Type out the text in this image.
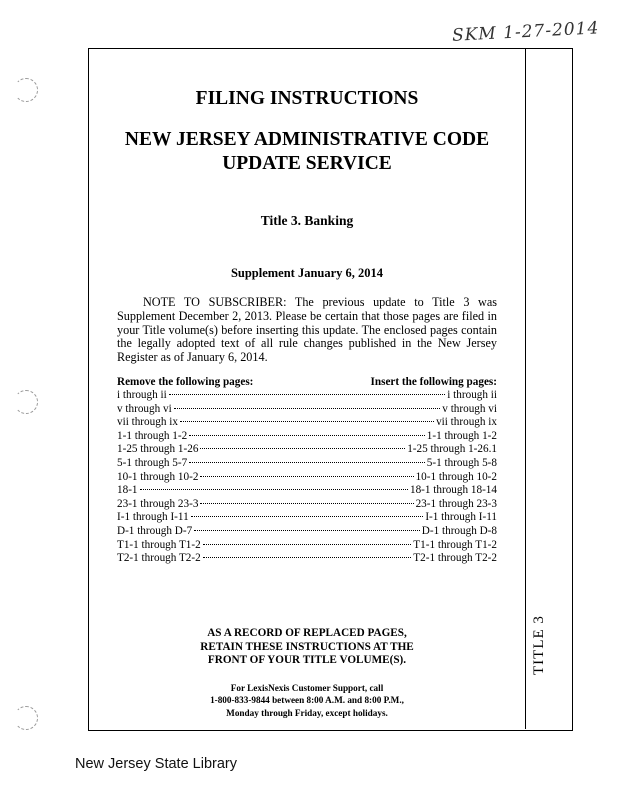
SKM 1-27-2014
TITLE 3

FILING INSTRUCTIONS

NEW JERSEY ADMINISTRATIVE CODE

UPDATE SERVICE

Title 3. Banking
Supplement January 6, 2014

NOTE TO SUBSCRIBER: The previous update to Title 3 was Supplement December 2, 2013. Please be certain that those pages are filed in your Title volume(s) before inserting this update. The enclosed pages contain the legally adopted text of all rule changes published in the New Jersey Register as of January 6, 2014.

Remove the following pages:	Insert the following pages:
i through ii	i through ii
v through vi	v through vi
vii through ix	vii through ix
1-1 through 1-2	1-1 through 1-2
1-25 through 1-26	1-25 through 1-26.1
5-1 through 5-7	5-1 through 5-8
10-1 through 10-2	10-1 through 10-2
18-1	18-1 through 18-14
23-1 through 23-3	23-1 through 23-3
I-1 through I-11	I-1 through I-11
D-1 through D-7	D-1 through D-8
T1-1 through T1-2	T1-1 through T1-2
T2-1 through T2-2	T2-1 through T2-2
AS A RECORD OF REPLACED PAGES,
RETAIN THESE INSTRUCTIONS AT THE
FRONT OF YOUR TITLE VOLUME(S).
For LexisNexis Customer Support, call
1-800-833-9844 between 8:00 A.M. and 8:00 P.M.,
Monday through Friday, except holidays.
New Jersey State Library
